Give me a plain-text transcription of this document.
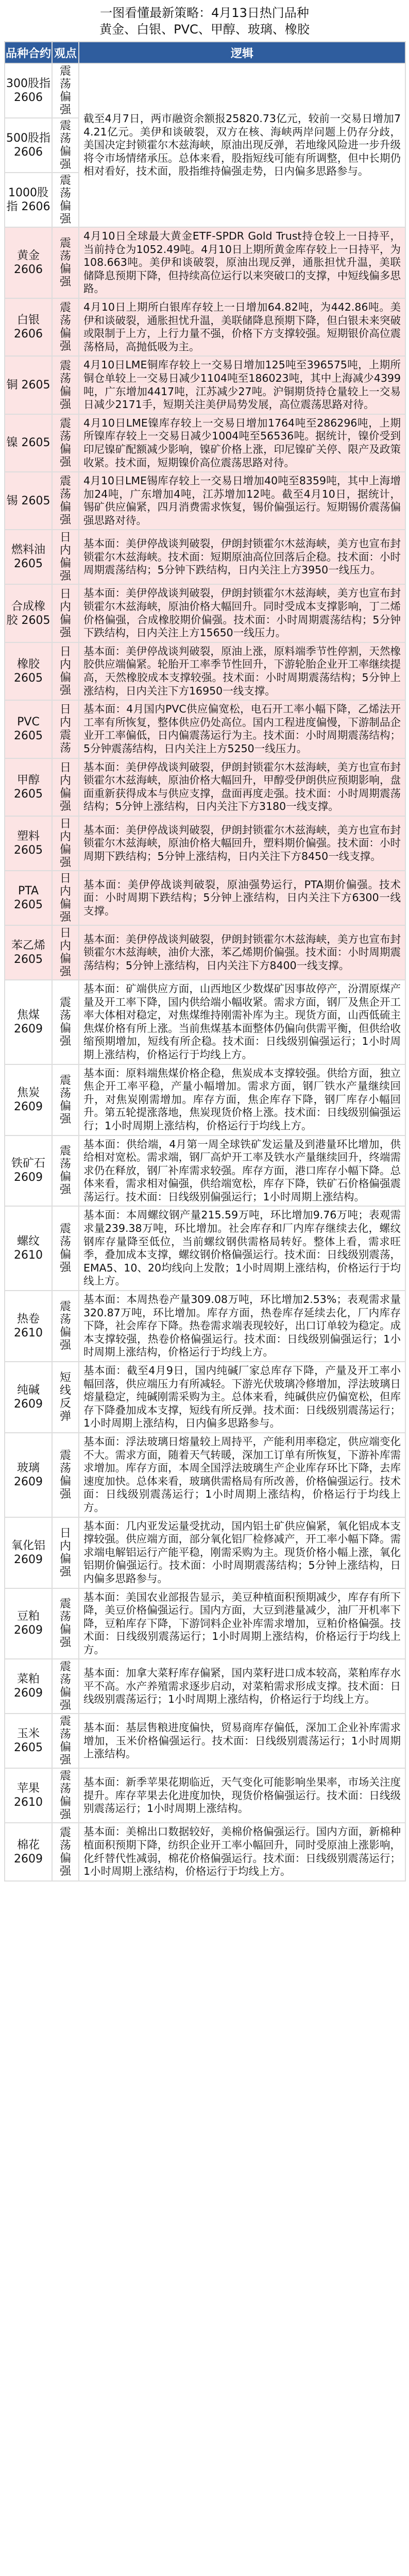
一图看懂最新策略：4月13日热门品种
黄金、白银、PVC、甲醇、玻璃、橡胶
品种合约	观点	逻辑
300股指 2606	震荡 偏强	截至4月7日，两市融资余额报25820.73亿元，较前一交易日增加74.21亿元。美伊和谈破裂，双方在核、海峡两岸问题上仍存分歧，美国决定封锁霍尔木兹海峡，原油出现反弹，若地缘风险进一步升级将令市场情绪承压。总体来看，股指短线可能有所调整，但中长期仍相对看好，技术面，股指维持偏强走势，日内偏多思路参与。
500股指 2606	震荡 偏强	
1000股指 2606	震荡 偏强	
黄金 2606	震荡 偏强	4月10日全球最大黄金ETF-SPDR Gold Trust持仓较上一日持平，当前持仓为1052.49吨。4月10日上期所黄金库存较上一日持平，为108.663吨。美伊和谈破裂，原油出现反弹，通胀担忧升温，美联储降息预期下降，但持续高位运行以来突破口的支撑，中短线偏多思路。
白银 2606	震荡 偏强	4月10日上期所白银库存较上一日增加64.82吨，为442.86吨。美伊和谈破裂，通胀担忧升温，美联储降息预期下降，但白银未来突破或限制于上方，上行力量不强，价格下方支撑较强。短期银价高位震荡格局，高抛低吸为主。
铜 2605	震荡 偏强	4月10日LME铜库存较上一交易日增加125吨至396575吨，上期所铜仓单较上一交易日减少1104吨至186023吨，其中上海减少4399吨，广东增加4417吨，江苏减少27吨。沪铜期货持仓量较上一交易日减少2171手，短期关注美伊局势发展，高位震荡思路对待。
镍 2605	震荡 偏强	4月10日LME镍库存较上一交易日增加1764吨至286296吨，上期所镍库存较上一交易日减少1004吨至56536吨。据统计，镍价受到印尼镍矿配额减少影响，镍矿价格上涨，印尼镍矿关停、限产及政策收紧。技术面，短期镍价高位震荡思路对待。
锡 2605	震荡 偏强	4月10日LME锡库存较上一交易日增加40吨至8359吨，其中上海增加24吨，广东增加4吨，江苏增加12吨。截至4月10日，据统计，锡矿供应偏紧，四月消费需求恢复，锡价偏强运行。短期锡价震荡偏强思路对待。
燃料油 2605	日内 偏强	基本面：美伊停战谈判破裂，伊朗封锁霍尔木兹海峡，美方也宣布封锁霍尔木兹海峡。技术面：短期原油高位回落后企稳。技术面：小时周期震荡结构；5分钟下跌结构，日内关注上方3950一线压力。
合成橡胶 2605	日内 偏强	基本面：美伊停战谈判破裂，伊朗封锁霍尔木兹海峡，美方也宣布封锁霍尔木兹海峡，原油价格大幅回升。同时受成本支撑影响，丁二烯价格偏强，合成橡胶期价偏强。技术面：小时周期震荡结构；5分钟下跌结构，日内关注上方15650一线压力。
橡胶 2605	日内 偏强	基本面：美伊停战谈判破裂，原油上涨，原料端季节性停割，天然橡胶供应端偏紧。轮胎开工率季节性回升，下游轮胎企业开工率继续提高，天然橡胶成本支撑较强。技术面：小时周期震荡结构；5分钟上涨结构，日内关注下方16950一线支撑。
PVC 2605	日内 震荡	基本面：4月国内PVC供应偏宽松，电石开工率小幅下降，乙烯法开工率有所恢复，整体供应仍处高位。国内工程进度偏慢，下游制品企业开工率偏低，日内偏震荡运行为主。技术面：小时周期震荡结构；5分钟震荡结构，日内关注上方5250一线压力。
甲醇 2605	日内 偏强	基本面：美伊停战谈判破裂，伊朗封锁霍尔木兹海峡，美方也宣布封锁霍尔木兹海峡，原油价格大幅回升，甲醇受伊朗供应预期影响，盘面重新获得成本与供应支撑，盘面再度走强。技术面：小时周期震荡结构；5分钟上涨结构，日内关注下方3180一线支撑。
塑料 2605	日内 偏强	基本面：美伊停战谈判破裂，伊朗封锁霍尔木兹海峡，美方也宣布封锁霍尔木兹海峡，原油价格大幅回升，塑料期价偏强。技术面：小时周期下跌结构；5分钟上涨结构，日内关注下方8450一线支撑。
PTA 2605	日内 偏强	基本面：美伊停战谈判破裂，原油强势运行，PTA期价偏强。技术面：小时周期下跌结构；5分钟上涨结构，日内关注下方6300一线支撑。
苯乙烯 2605	日内 偏强	基本面：美伊停战谈判破裂，伊朗封锁霍尔木兹海峡，美方也宣布封锁霍尔木兹海峡，油价大涨，苯乙烯期价偏强。技术面：小时周期震荡结构；5分钟上涨结构，日内关注下方8400一线支撑。
焦煤 2609	震荡 偏强	基本面：矿端供应方面，山西地区少数煤矿因事故停产，汾渭原煤产量及开工率下降，国内供给端小幅收紧。需求方面，钢厂及焦企开工率大体相对稳定，对焦煤维持刚需补库为主。现货方面，山西低硫主焦煤价格有所上涨。当前焦煤基本面整体仍偏向供需平衡，但供给收缩预期增加，短线有所企稳。技术面：日线级别偏强运行；1小时周期上涨结构，价格运行于均线上方。
焦炭 2609	震荡 偏强	基本面：原料端焦煤价格企稳，焦炭成本支撑较强。供给方面，独立焦企开工率平稳，产量小幅增加。需求方面，钢厂铁水产量继续回升，对焦炭刚需增加。库存方面，焦企库存下降，钢厂库存小幅回升。第五轮提涨落地，焦炭现货价格上涨。技术面：日线级别偏强运行；1小时周期上涨结构，价格运行于均线上方。
铁矿石 2609	震荡 偏强	基本面：供给端，4月第一周全球铁矿发运量及到港量环比增加，供给相对宽松。需求端，钢厂高炉开工率及铁水产量继续回升，终端需求仍在释放，钢厂补库需求较强。库存方面，港口库存小幅下降。总体来看，需求相对偏强，供给端宽松，库存下降，铁矿石价格偏强震荡运行。技术面：日线级别偏强运行；1小时周期上涨结构。
螺纹 2610	震荡 偏强	基本面：本周螺纹钢产量215.59万吨，环比增加9.76万吨；表观需求量239.38万吨，环比增加。社会库存和厂内库存继续去化，螺纹钢库存量降至低位，当前螺纹钢供需格局转好。整体上看，需求旺季，叠加成本支撑，螺纹钢价格偏强运行。技术面：日线级别震荡，EMA5、10、20均线向上发散；1小时周期上涨结构，价格运行于均线上方。
热卷 2610	震荡 偏强	基本面：本周热卷产量309.08万吨，环比增加2.53%；表观需求量320.87万吨，环比增加。库存方面，热卷库存延续去化，厂内库存下降，社会库存下降。热卷需求端表现较好，出口订单较为稳定。成本支撑较强，热卷价格偏强运行。技术面：日线级别偏强运行；1小时周期上涨结构，价格运行于均线上方。
纯碱 2609	短线 反弹	基本面：截至4月9日，国内纯碱厂家总库存下降，产量及开工率小幅回落，供应端压力有所减轻。下游光伏玻璃冷修增加，浮法玻璃日熔量稳定，纯碱刚需采购为主。总体来看，纯碱供应仍偏宽松，但库存下降叠加成本支撑，短线有所反弹。技术面：日线级别震荡运行；1小时周期上涨结构，日内偏多思路参与。
玻璃 2609	震荡 偏强	基本面：浮法玻璃日熔量较上周持平，产能利用率稳定，供应端变化不大。需求方面，随着天气转暖，深加工订单有所恢复，下游补库需求增加。库存方面，本周全国浮法玻璃生产企业库存环比下降，去库速度加快。总体来看，玻璃供需格局有所改善，价格偏强运行。技术面：日线级别震荡运行；1小时周期上涨结构，价格运行于均线上方。
氧化铝 2609	日内 偏强	基本面：几内亚发运量受扰动，国内铝土矿供应偏紧，氧化铝成本支撑较强。供应端方面，部分氧化铝厂检修减产，开工率小幅下降。需求端电解铝运行产能平稳，刚需采购为主。现货价格小幅上涨，氧化铝期价偏强运行。技术面：小时周期震荡结构；5分钟上涨结构，日内偏多思路参与。
豆粕 2609	震荡 偏强	基本面：美国农业部报告显示，美豆种植面积预期减少，库存有所下降，美豆价格偏强运行。国内方面，大豆到港量减少，油厂开机率下降，豆粕库存下降，下游饲料企业补库需求增加，豆粕价格偏强。技术面：日线级别震荡运行；1小时周期上涨结构，价格运行于均线上方。
菜粕 2609	震荡 偏强	基本面：加拿大菜籽库存偏紧，国内菜籽进口成本较高，菜粕库存水平不高。水产养殖需求逐步启动，对菜粕需求形成支撑。技术面：日线级别震荡运行；1小时周期上涨结构，价格运行于均线上方。
玉米 2605	震荡 偏强	基本面：基层售粮进度偏快，贸易商库存偏低，深加工企业补库需求增加，玉米价格偏强运行。技术面：日线级别震荡运行；1小时周期上涨结构。
苹果 2610	震荡 偏强	基本面：新季苹果花期临近，天气变化可能影响坐果率，市场关注度提升。库存苹果去化进度加快，现货价格偏强运行。技术面：日线级别震荡运行；1小时周期上涨结构。
棉花 2609	震荡 偏强	基本面：美棉出口数据较好，美棉价格偏强运行。国内方面，新棉种植面积预期下降，纺织企业开工率小幅回升，同时受原油上涨影响，化纤替代性减弱，棉花价格偏强运行。技术面：日线级别震荡运行；1小时周期上涨结构，价格运行于均线上方。
